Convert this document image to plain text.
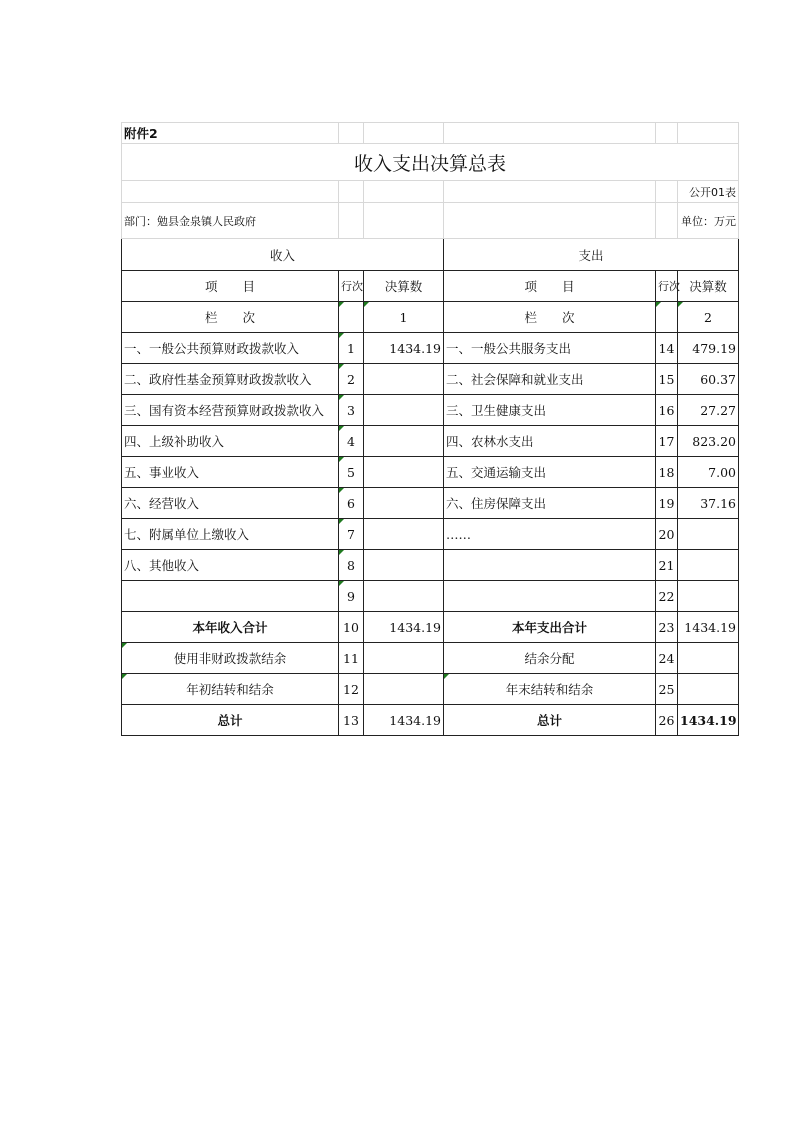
附件2					
收入支出决算总表					
					公开01表
部门：勉县金泉镇人民政府					单位：万元
收入			支出		
项　　目	行次	决算数	项　　目	行次	决算数
栏　　次		1	栏　　次		2
一、一般公共预算财政拨款收入	1	1434.19	一、一般公共服务支出	14	479.19
二、政府性基金预算财政拨款收入	2		二、社会保障和就业支出	15	60.37
三、国有资本经营预算财政拨款收入	3		三、卫生健康支出	16	27.27
四、上级补助收入	4		四、农林水支出	17	823.20
五、事业收入	5		五、交通运输支出	18	7.00
六、经营收入	6		六、住房保障支出	19	37.16
七、附属单位上缴收入	7		……	20	
八、其他收入	8			21	
	9			22	
本年收入合计	10	1434.19	本年支出合计	23	1434.19
使用非财政拨款结余	11		结余分配	24	
年初结转和结余	12		年末结转和结余	25	
总计	13	1434.19	总计	26	1434.19
